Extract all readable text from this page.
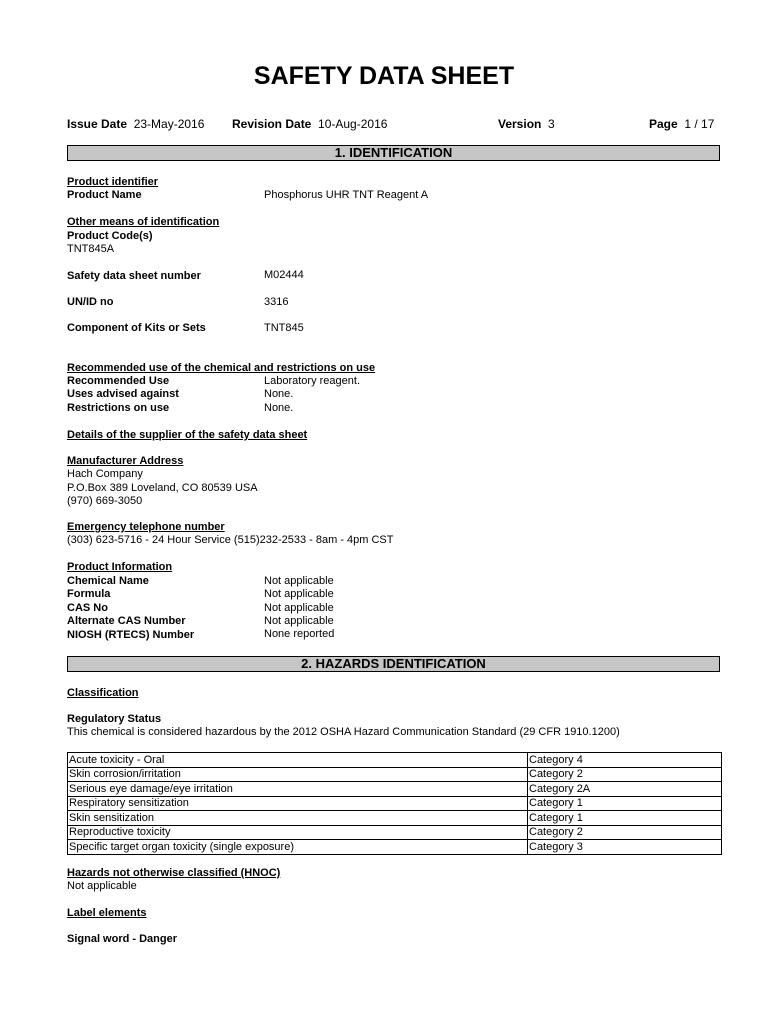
SAFETY DATA SHEET
Issue Date 23-May-2016 Revision Date 10-Aug-2016	Version 3	Page 1 / 17
1. IDENTIFICATION
Product identifier
Product Name	Phosphorus UHR TNT Reagent A
Other means of identification
Product Code(s)
TNT845A
Safety data sheet number	M02444
UN/ID no	3316
Component of Kits or Sets	TNT845
Recommended use of the chemical and restrictions on use
Recommended Use	Laboratory reagent.
Uses advised against	None.
Restrictions on use	None.
Details of the supplier of the safety data sheet
Manufacturer Address
Hach Company
P.O.Box 389 Loveland, CO 80539 USA
(970) 669-3050
Emergency telephone number
(303) 623-5716 - 24 Hour Service (515)232-2533 - 8am - 4pm CST
Product Information
Chemical Name	Not applicable
Formula	Not applicable
CAS No	Not applicable
Alternate CAS Number	Not applicable
NIOSH (RTECS) Number	None reported
2. HAZARDS IDENTIFICATION
Classification
Regulatory Status
This chemical is considered hazardous by the 2012 OSHA Hazard Communication Standard (29 CFR 1910.1200)
Acute toxicity - Oral	Category 4
Skin corrosion/irritation	Category 2
Serious eye damage/eye irritation	Category 2A
Respiratory sensitization	Category 1
Skin sensitization	Category 1
Reproductive toxicity	Category 2
Specific target organ toxicity (single exposure)	Category 3
Hazards not otherwise classified (HNOC)
Not applicable
Label elements
Signal word - Danger
